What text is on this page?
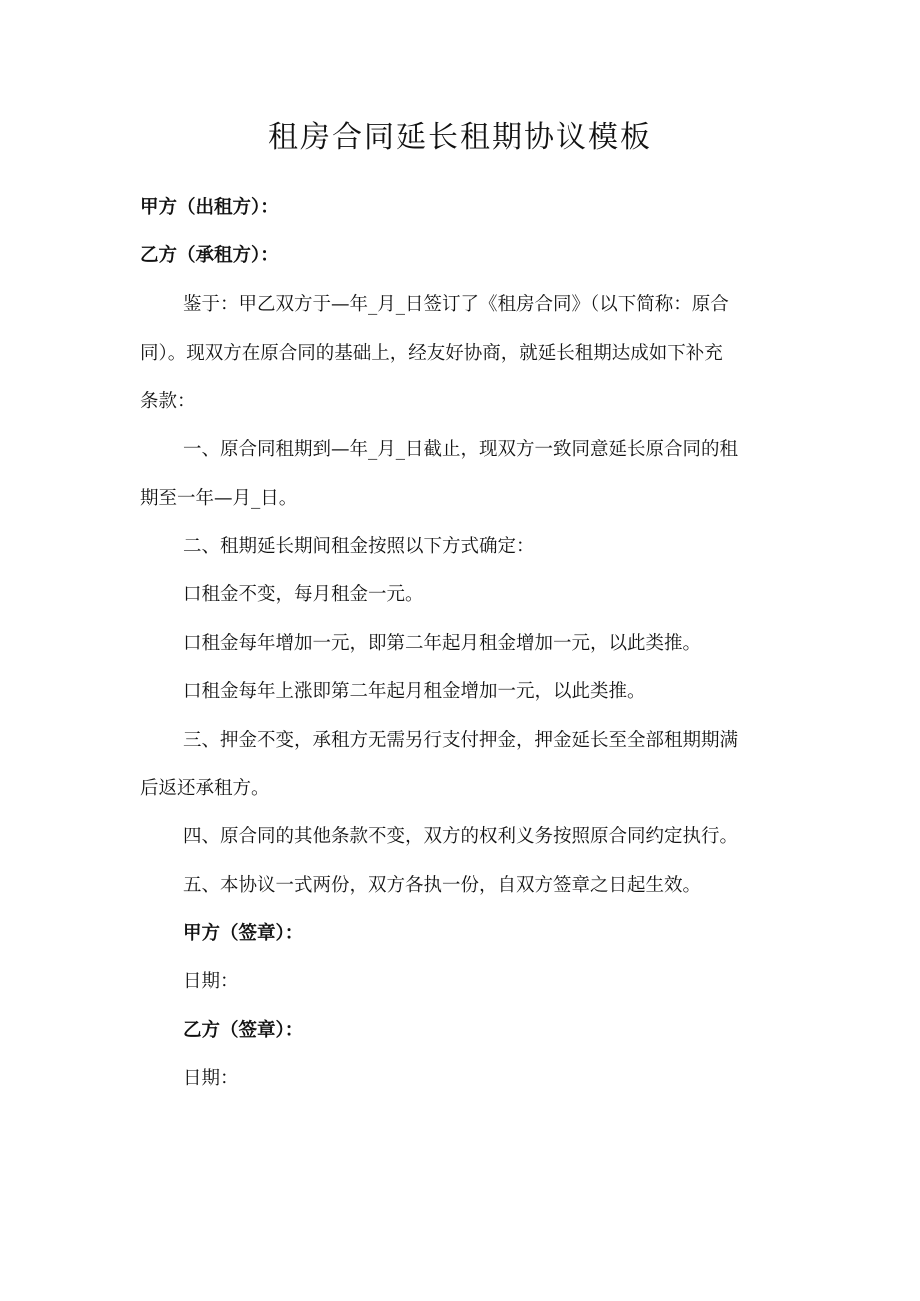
租房合同延长租期协议模板

甲方（出租方）：

乙方（承租方）：

鉴于：甲乙双方于—年_月_日签订了《租房合同》（以下简称：原合

同）。现双方在原合同的基础上，经友好协商，就延长租期达成如下补充

条款：

一、原合同租期到—年_月_日截止，现双方一致同意延长原合同的租

期至一年—月_日。

二、租期延长期间租金按照以下方式确定：

口租金不变，每月租金一元。

口租金每年增加一元，即第二年起月租金增加一元，以此类推。

口租金每年上涨即第二年起月租金增加一元，以此类推。

三、押金不变，承租方无需另行支付押金，押金延长至全部租期期满

后返还承租方。

四、原合同的其他条款不变，双方的权利义务按照原合同约定执行。

五、本协议一式两份，双方各执一份，自双方签章之日起生效。

甲方（签章）：

日期：

乙方（签章）：

日期：
